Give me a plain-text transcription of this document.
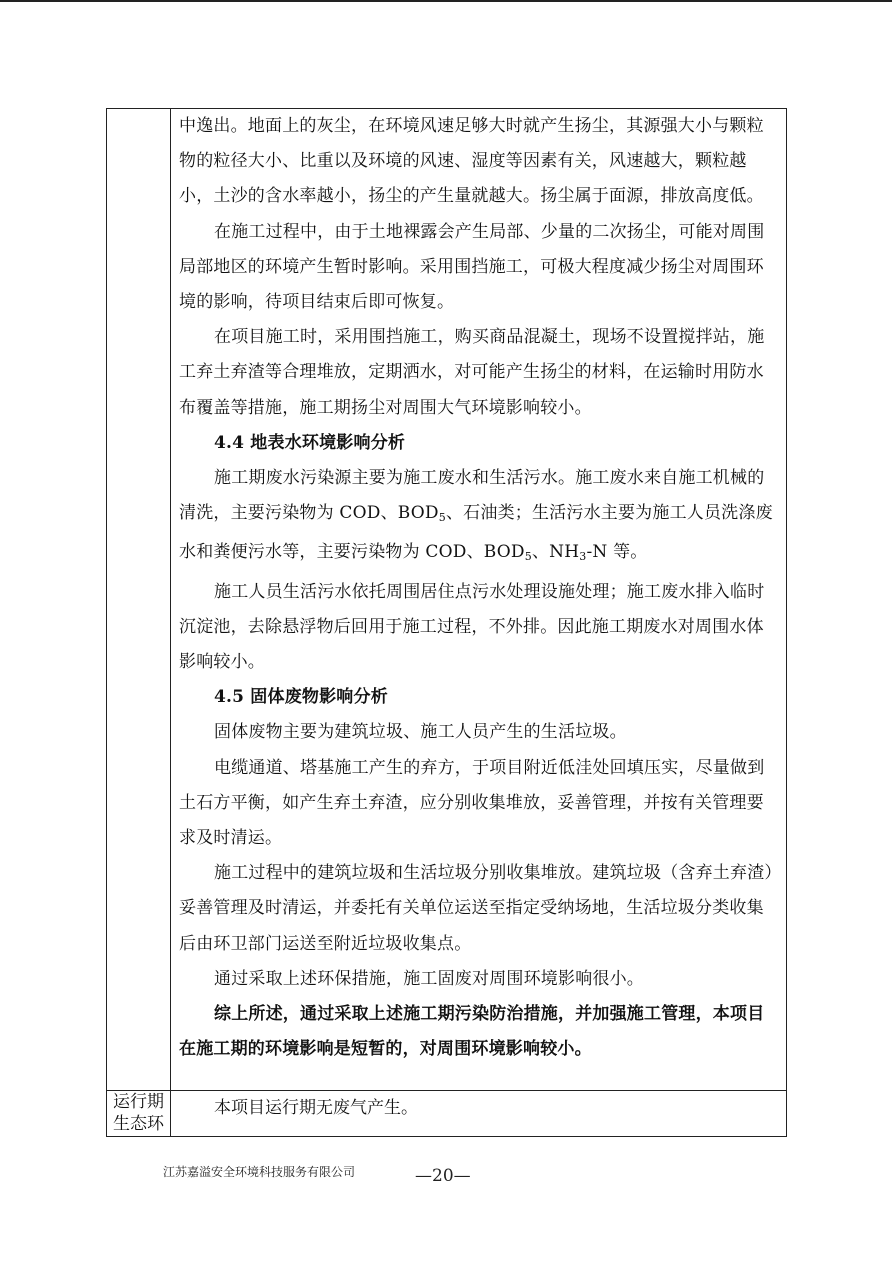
中逸出。地面上的灰尘，在环境风速足够大时就产生扬尘，其源强大小与颗粒物的粒径大小、比重以及环境的风速、湿度等因素有关，风速越大，颗粒越小，土沙的含水率越小，扬尘的产生量就越大。扬尘属于面源，排放高度低。

在施工过程中，由于土地裸露会产生局部、少量的二次扬尘，可能对周围局部地区的环境产生暂时影响。采用围挡施工，可极大程度减少扬尘对周围环境的影响，待项目结束后即可恢复。

在项目施工时，采用围挡施工，购买商品混凝土，现场不设置搅拌站，施工弃土弃渣等合理堆放，定期洒水，对可能产生扬尘的材料，在运输时用防水布覆盖等措施，施工期扬尘对周围大气环境影响较小。

4.4 地表水环境影响分析

施工期废水污染源主要为施工废水和生活污水。施工废水来自施工机械的清洗，主要污染物为 COD、$BOD_5$、石油类；生活污水主要为施工人员洗涤废水和粪便污水等，主要污染物为 COD、$BOD_5$、$NH_3-N$ 等。

施工人员生活污水依托周围居住点污水处理设施处理；施工废水排入临时沉淀池，去除悬浮物后回用于施工过程，不外排。因此施工期废水对周围水体影响较小。

4.5 固体废物影响分析

固体废物主要为建筑垃圾、施工人员产生的生活垃圾。

电缆通道、塔基施工产生的弃方，于项目附近低洼处回填压实，尽量做到土石方平衡，如产生弃土弃渣，应分别收集堆放，妥善管理，并按有关管理要求及时清运。

施工过程中的建筑垃圾和生活垃圾分别收集堆放。建筑垃圾（含弃土弃渣）妥善管理及时清运，并委托有关单位运送至指定受纳场地，生活垃圾分类收集后由环卫部门运送至附近垃圾收集点。

通过采取上述环保措施，施工固废对周围环境影响很小。

综上所述，通过采取上述施工期污染防治措施，并加强施工管理，本项目在施工期的环境影响是短暂的，对周围环境影响较小。

运行期
生态环
本项目运行期无废气产生。
江苏嘉溢安全环境科技服务有限公司	—20—
